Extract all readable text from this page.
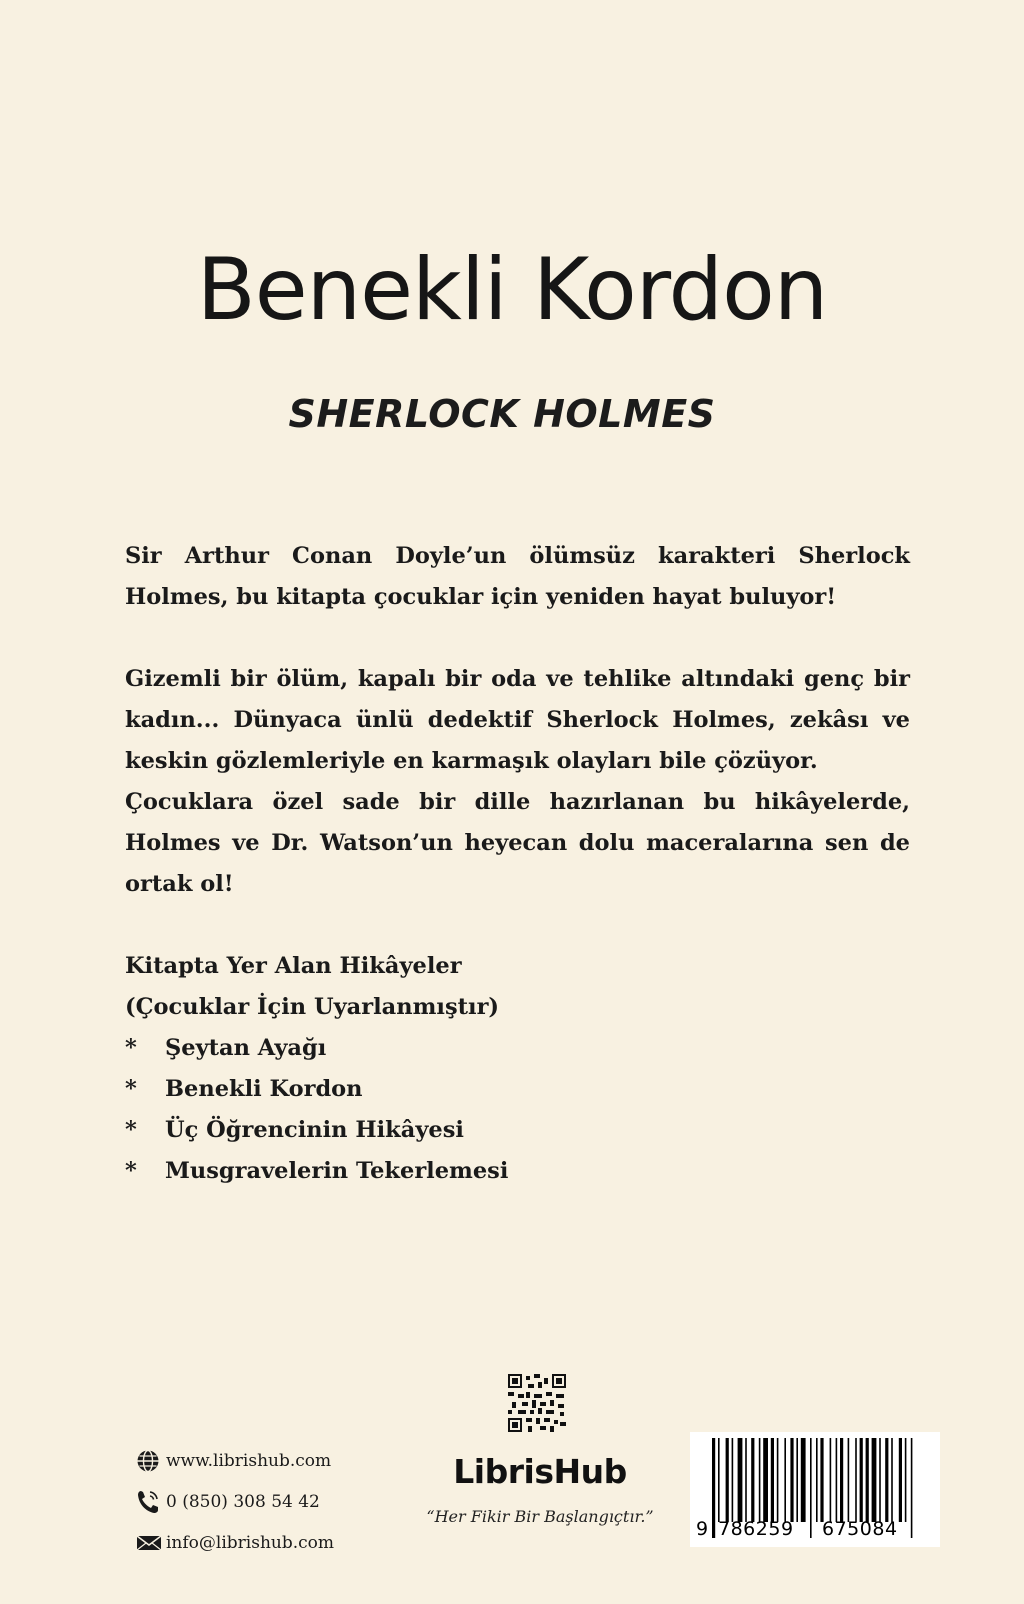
Benekli Kordon
SHERLOCK HOLMES

Sir Arthur Conan Doyle’un ölümsüz karakteri Sherlock Holmes, bu kitapta çocuklar için yeniden hayat buluyor!

Gizemli bir ölüm, kapalı bir oda ve tehlike altındaki genç bir kadın... Dünyaca ünlü dedektif Sherlock Holmes, zekâsı ve keskin gözlemleriyle en karmaşık olayları bile çözüyor.

Çocuklara özel sade bir dille hazırlanan bu hikâyelerde, Holmes ve Dr. Watson’un heyecan dolu maceralarına sen de ortak ol!

Kitapta Yer Alan Hikâyeler

(Çocuklar İçin Uyarlanmıştır)

*	Şeytan Ayağı
*	Benekli Kordon
*	Üç Öğrencinin Hikâyesi
*	Musgravelerin Tekerlemesi
www.librishub.com
0 (850) 308 54 42
info@librishub.com
LibrisHub
“Her Fikir Bir Başlangıçtır.”
9 786259 675084
